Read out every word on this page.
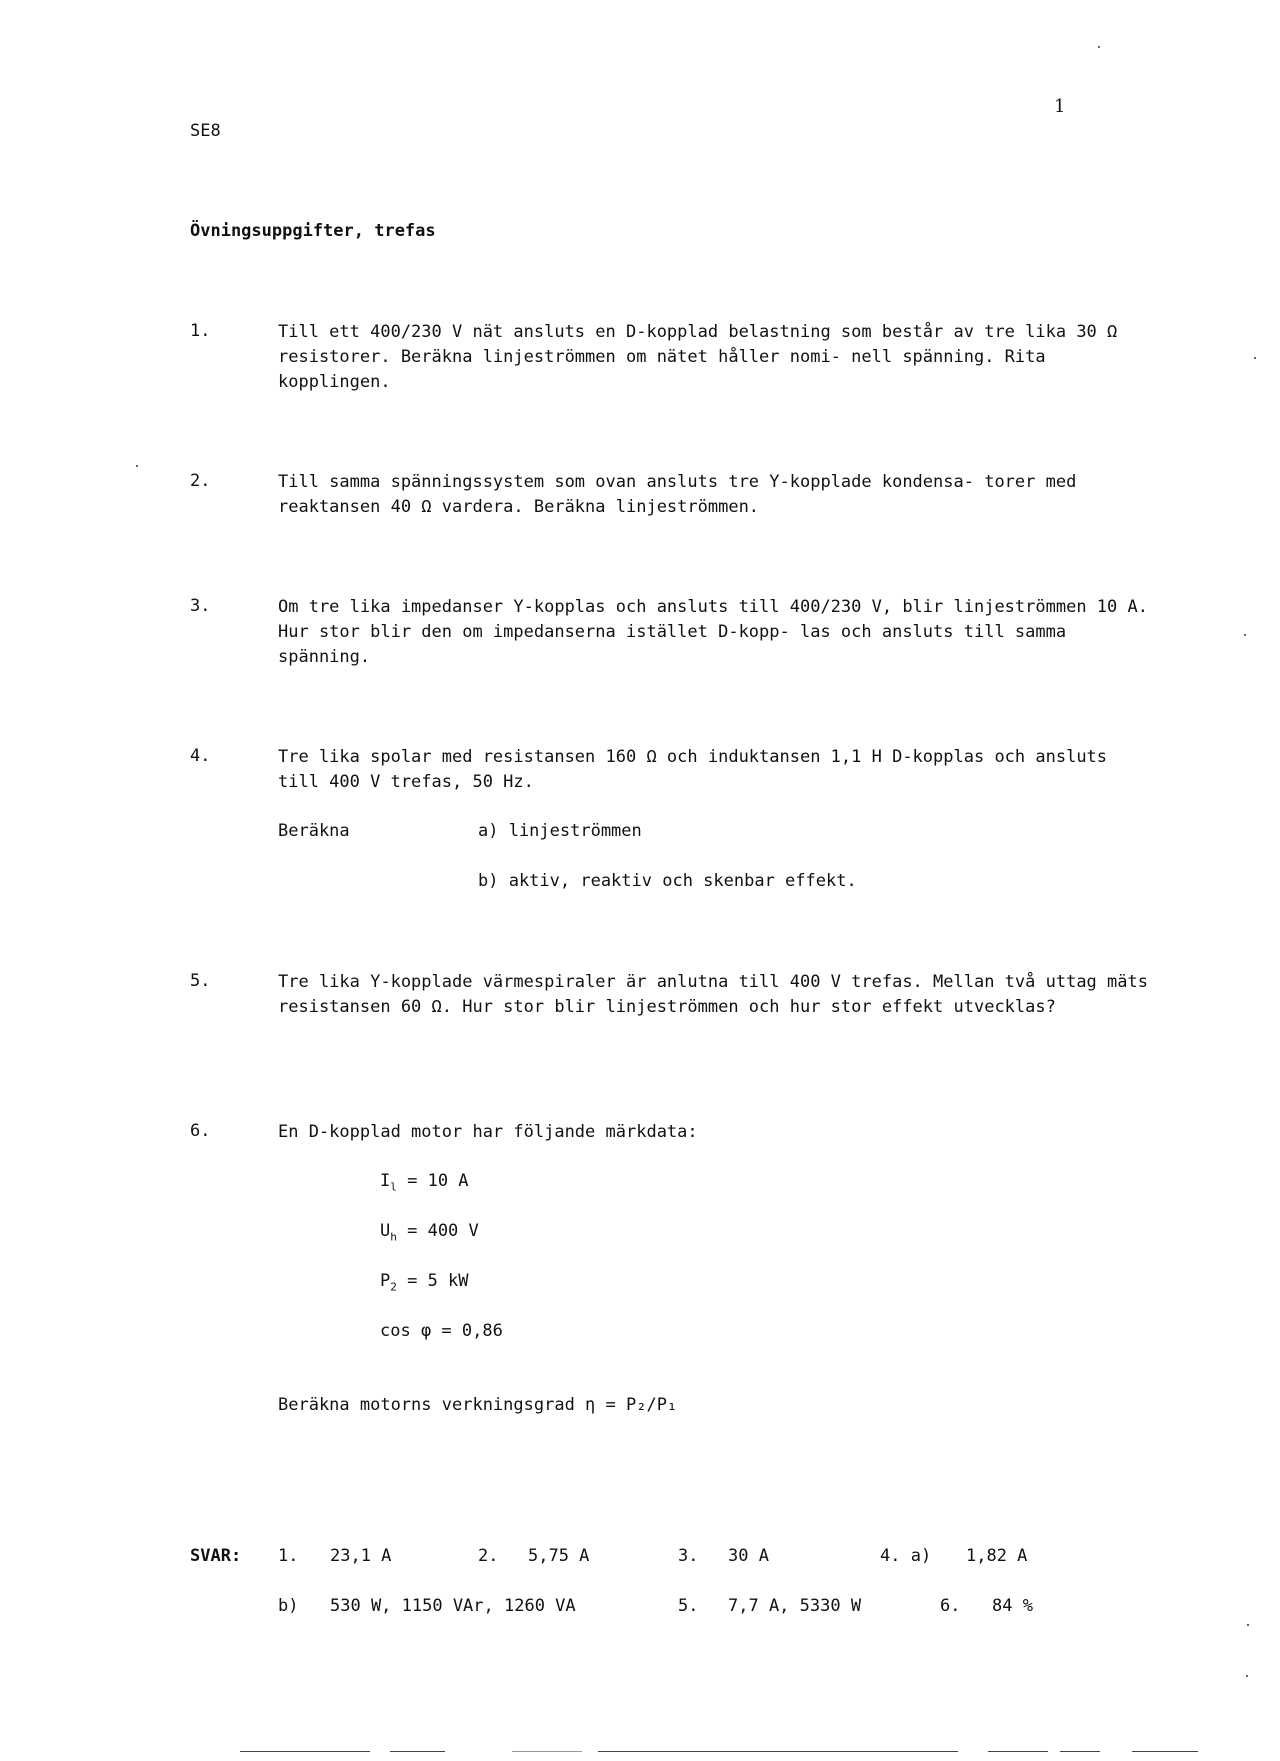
1
SE8
Övningsuppgifter, trefas
1.	Till ett 400/230 V nät ansluts en D-kopplad belastning som består av tre lika 30 Ω resistorer. Beräkna linjeströmmen om nätet håller nomi- nell spänning. Rita kopplingen.
2.	Till samma spänningssystem som ovan ansluts tre Y-kopplade kondensa- torer med reaktansen 40 Ω vardera. Beräkna linjeströmmen.
3.	Om tre lika impedanser Y-kopplas och ansluts till 400/230 V, blir linjeströmmen 10 A. Hur stor blir den om impedanserna istället D-kopp- las och ansluts till samma spänning.
4.	Tre lika spolar med resistansen 160 Ω och induktansen 1,1 H D-kopplas och ansluts till 400 V trefas, 50 Hz.
Beräkna	a) linjeströmmen
b) aktiv, reaktiv och skenbar effekt.
5.	Tre lika Y-kopplade värmespiraler är anlutna till 400 V trefas. Mellan två uttag mäts resistansen 60 Ω. Hur stor blir linjeströmmen och hur stor effekt utvecklas?
6.	En D-kopplad motor har följande märkdata:
$I_l = 10$ A
$U_h = 400$ V
$P_2 = 5$ kW
cos φ = 0,86
Beräkna motorns verkningsgrad η = P₂/P₁
SVAR: 1. 23,1 A	2. 5,75 A	3. 30 A	4. a) 1,82 A
b) 530 W, 1150 VAr, 1260 VA	5. 7,7 A, 5330 W	6. 84 %
